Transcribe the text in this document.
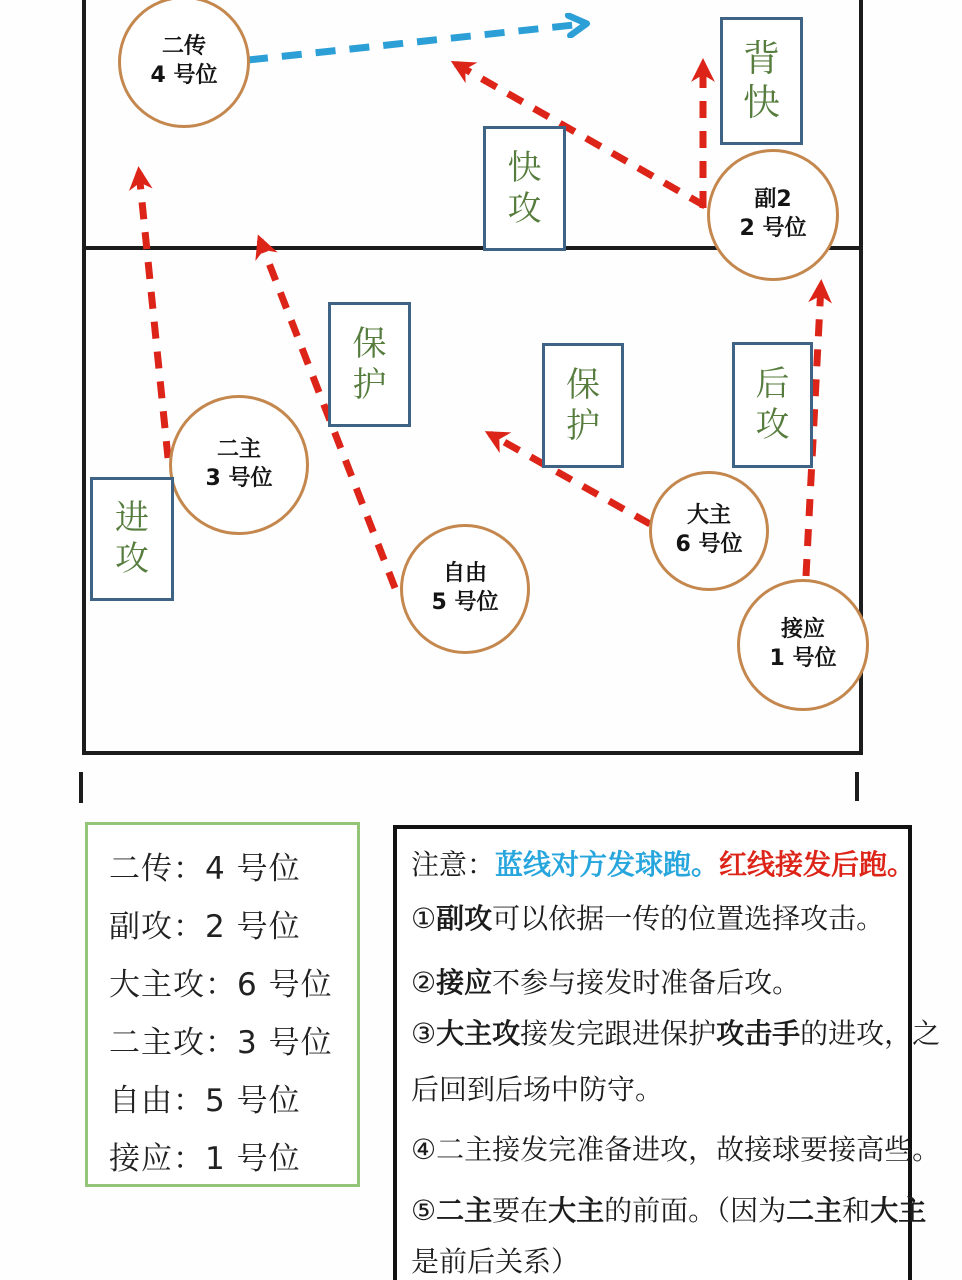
二传
4 号位
副2
2 号位
二主
3 号位
自由
5 号位
大主
6 号位
接应
1 号位
背快
快攻
保护	保护
后攻
进攻
二传：4 号位
副攻：2 号位
大主攻：6 号位
二主攻：3 号位
自由：5 号位
接应：1 号位
注意：蓝线对方发球跑。红线接发后跑。
①副攻可以依据一传的位置选择攻击。
②接应不参与接发时准备后攻。
③大主攻接发完跟进保护攻击手的进攻，之
后回到后场中防守。
④二主接发完准备进攻，故接球要接高些。
⑤二主要在大主的前面。（因为二主和大主
是前后关系）
